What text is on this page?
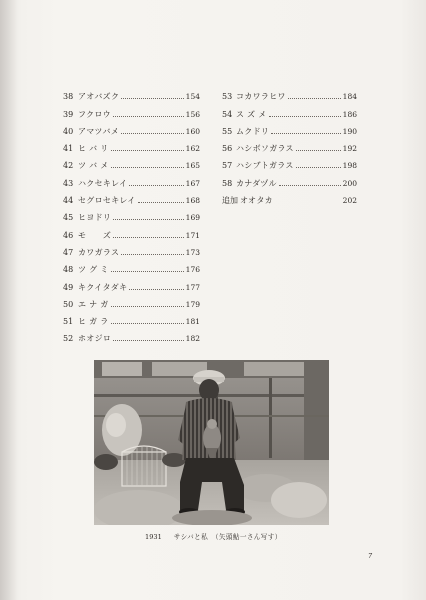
38 アオバズク	154
39 フクロウ	156
40 アマツバメ	160
41 ヒ バ リ	162
42 ツ バ メ	165
43 ハクセキレイ	167
44 セグロセキレイ	168
45 ヒヨドリ	169
46 モ　　ズ	171
47 カワガラス	173
48 ツ グ ミ	176
49 キクイタダキ	177
50 エ ナ ガ	179
51 ヒ ガ ラ	181
52 ホオジロ	182
53 コカワラヒワ	184
54 ス ズ メ	186
55 ムクドリ	190
56 ハシボソガラス	192
57 ハシブトガラス	198
58 カナダヅル	200
追加 オオタカ	202
1931 サシバと私　（矢頭鮎一さん写す）
7
